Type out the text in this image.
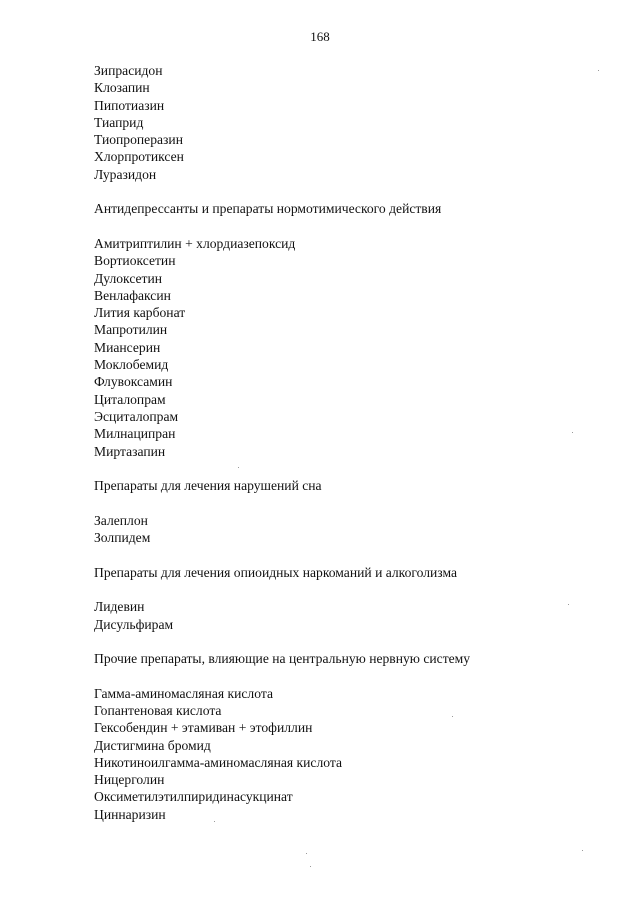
168
Зипрасидон
Клозапин
Пипотиазин
Тиаприд
Тиопроперазин
Хлорпротиксен
Луразидон
Антидепрессанты и препараты нормотимического действия
Амитриптилин + хлордиазепоксид
Вортиоксетин
Дулоксетин
Венлафаксин
Лития карбонат
Мапротилин
Миансерин
Моклобемид
Флувоксамин
Циталопрам
Эсциталопрам
Милнаципран
Миртазапин
Препараты для лечения нарушений сна
Залеплон
Золпидем
Препараты для лечения опиоидных наркоманий и алкоголизма
Лидевин
Дисульфирам
Прочие препараты, влияющие на центральную нервную систему
Гамма-аминомасляная кислота
Гопантеновая кислота
Гексобендин + этамиван + этофиллин
Дистигмина бромид
Никотиноилгамма-аминомасляная кислота
Ницерголин
Оксиметилэтилпиридинасукцинат
Циннаризин
